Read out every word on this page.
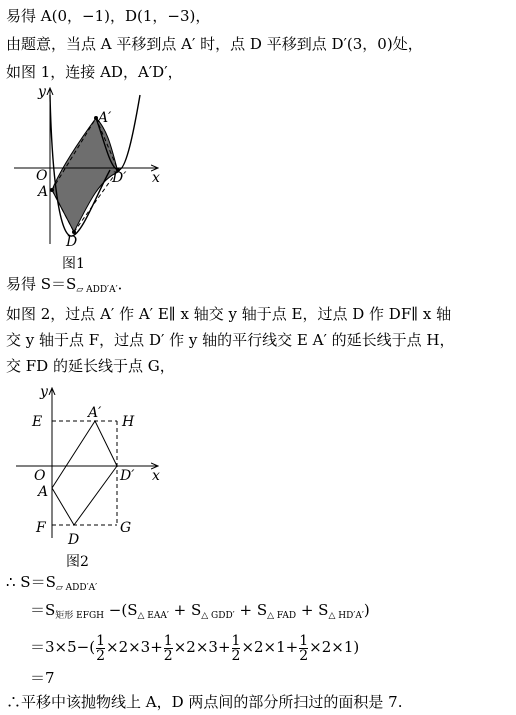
易得 A(0，−1)，D(1，−3)，
由题意，当点 A 平移到点 A′ 时，点 D 平移到点 D′(3，0)处，
如图 1，连接 AD，A′D′，
y
x
O
A′
A
D′
D
图1
E
A′
H
y
x
O
A
D′
F
D
G
图2
易得 $S=S_{▱ ADD'A'}$．
如图 2，过点 A′ 作 A′ E∥ x 轴交 y 轴于点 E，过点 D 作 DF∥ x 轴
交 y 轴于点 F，过点 D′ 作 y 轴的平行线交 E A′ 的延长线于点 H，
交 FD 的延长线于点 G，
∴ $S=S_{▱ ADD'A'}$
$=S_{矩形 EFGH} -(S_{\triangle EAA'} + S_{\triangle GDD'} + S_{\triangle FAD} + S_{\triangle HD'A'})$
$=3\times 5-( \frac{1}{2} \times 2\times 3+ \frac{1}{2} \times 2\times 3+ \frac{1}{2} \times 2\times 1+ \frac{1}{2} \times 2\times 1)$
＝7
∴平移中该抛物线上 A，D 两点间的部分所扫过的面积是 7.
